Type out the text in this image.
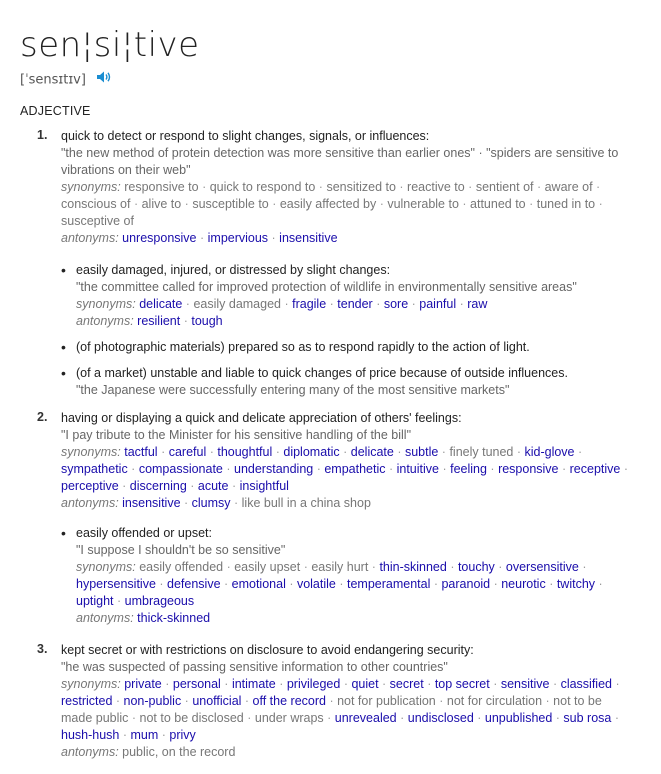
sen¦si¦tive
[ˈsensɪtɪv]
ADJECTIVE
1. quick to detect or respond to slight changes, signals, or influences:
"the new method of protein detection was more sensitive than earlier ones" · "spiders are sensitive to vibrations on their web"
synonyms: responsive to · quick to respond to · sensitized to · reactive to · sentient of · aware of · conscious of · alive to · susceptible to · easily affected by · vulnerable to · attuned to · tuned in to · susceptive of
antonyms: unresponsive · impervious · insensitive
• easily damaged, injured, or distressed by slight changes:
"the committee called for improved protection of wildlife in environmentally sensitive areas"
synonyms: delicate · easily damaged · fragile · tender · sore · painful · raw
antonyms: resilient · tough
• (of photographic materials) prepared so as to respond rapidly to the action of light.
• (of a market) unstable and liable to quick changes of price because of outside influences.
"the Japanese were successfully entering many of the most sensitive markets"
2. having or displaying a quick and delicate appreciation of others' feelings:
"I pay tribute to the Minister for his sensitive handling of the bill"
synonyms: tactful · careful · thoughtful · diplomatic · delicate · subtle · finely tuned · kid-glove · sympathetic · compassionate · understanding · empathetic · intuitive · feeling · responsive · receptive · perceptive · discerning · acute · insightful
antonyms: insensitive · clumsy · like bull in a china shop
• easily offended or upset:
"I suppose I shouldn't be so sensitive"
synonyms: easily offended · easily upset · easily hurt · thin-skinned · touchy · oversensitive · hypersensitive · defensive · emotional · volatile · temperamental · paranoid · neurotic · twitchy · uptight · umbrageous
antonyms: thick-skinned
3. kept secret or with restrictions on disclosure to avoid endangering security:
"he was suspected of passing sensitive information to other countries"
synonyms: private · personal · intimate · privileged · quiet · secret · top secret · sensitive · classified · restricted · non-public · unofficial · off the record · not for publication · not for circulation · not to be made public · not to be disclosed · under wraps · unrevealed · undisclosed · unpublished · sub rosa · hush-hush · mum · privy
antonyms: public, on the record
